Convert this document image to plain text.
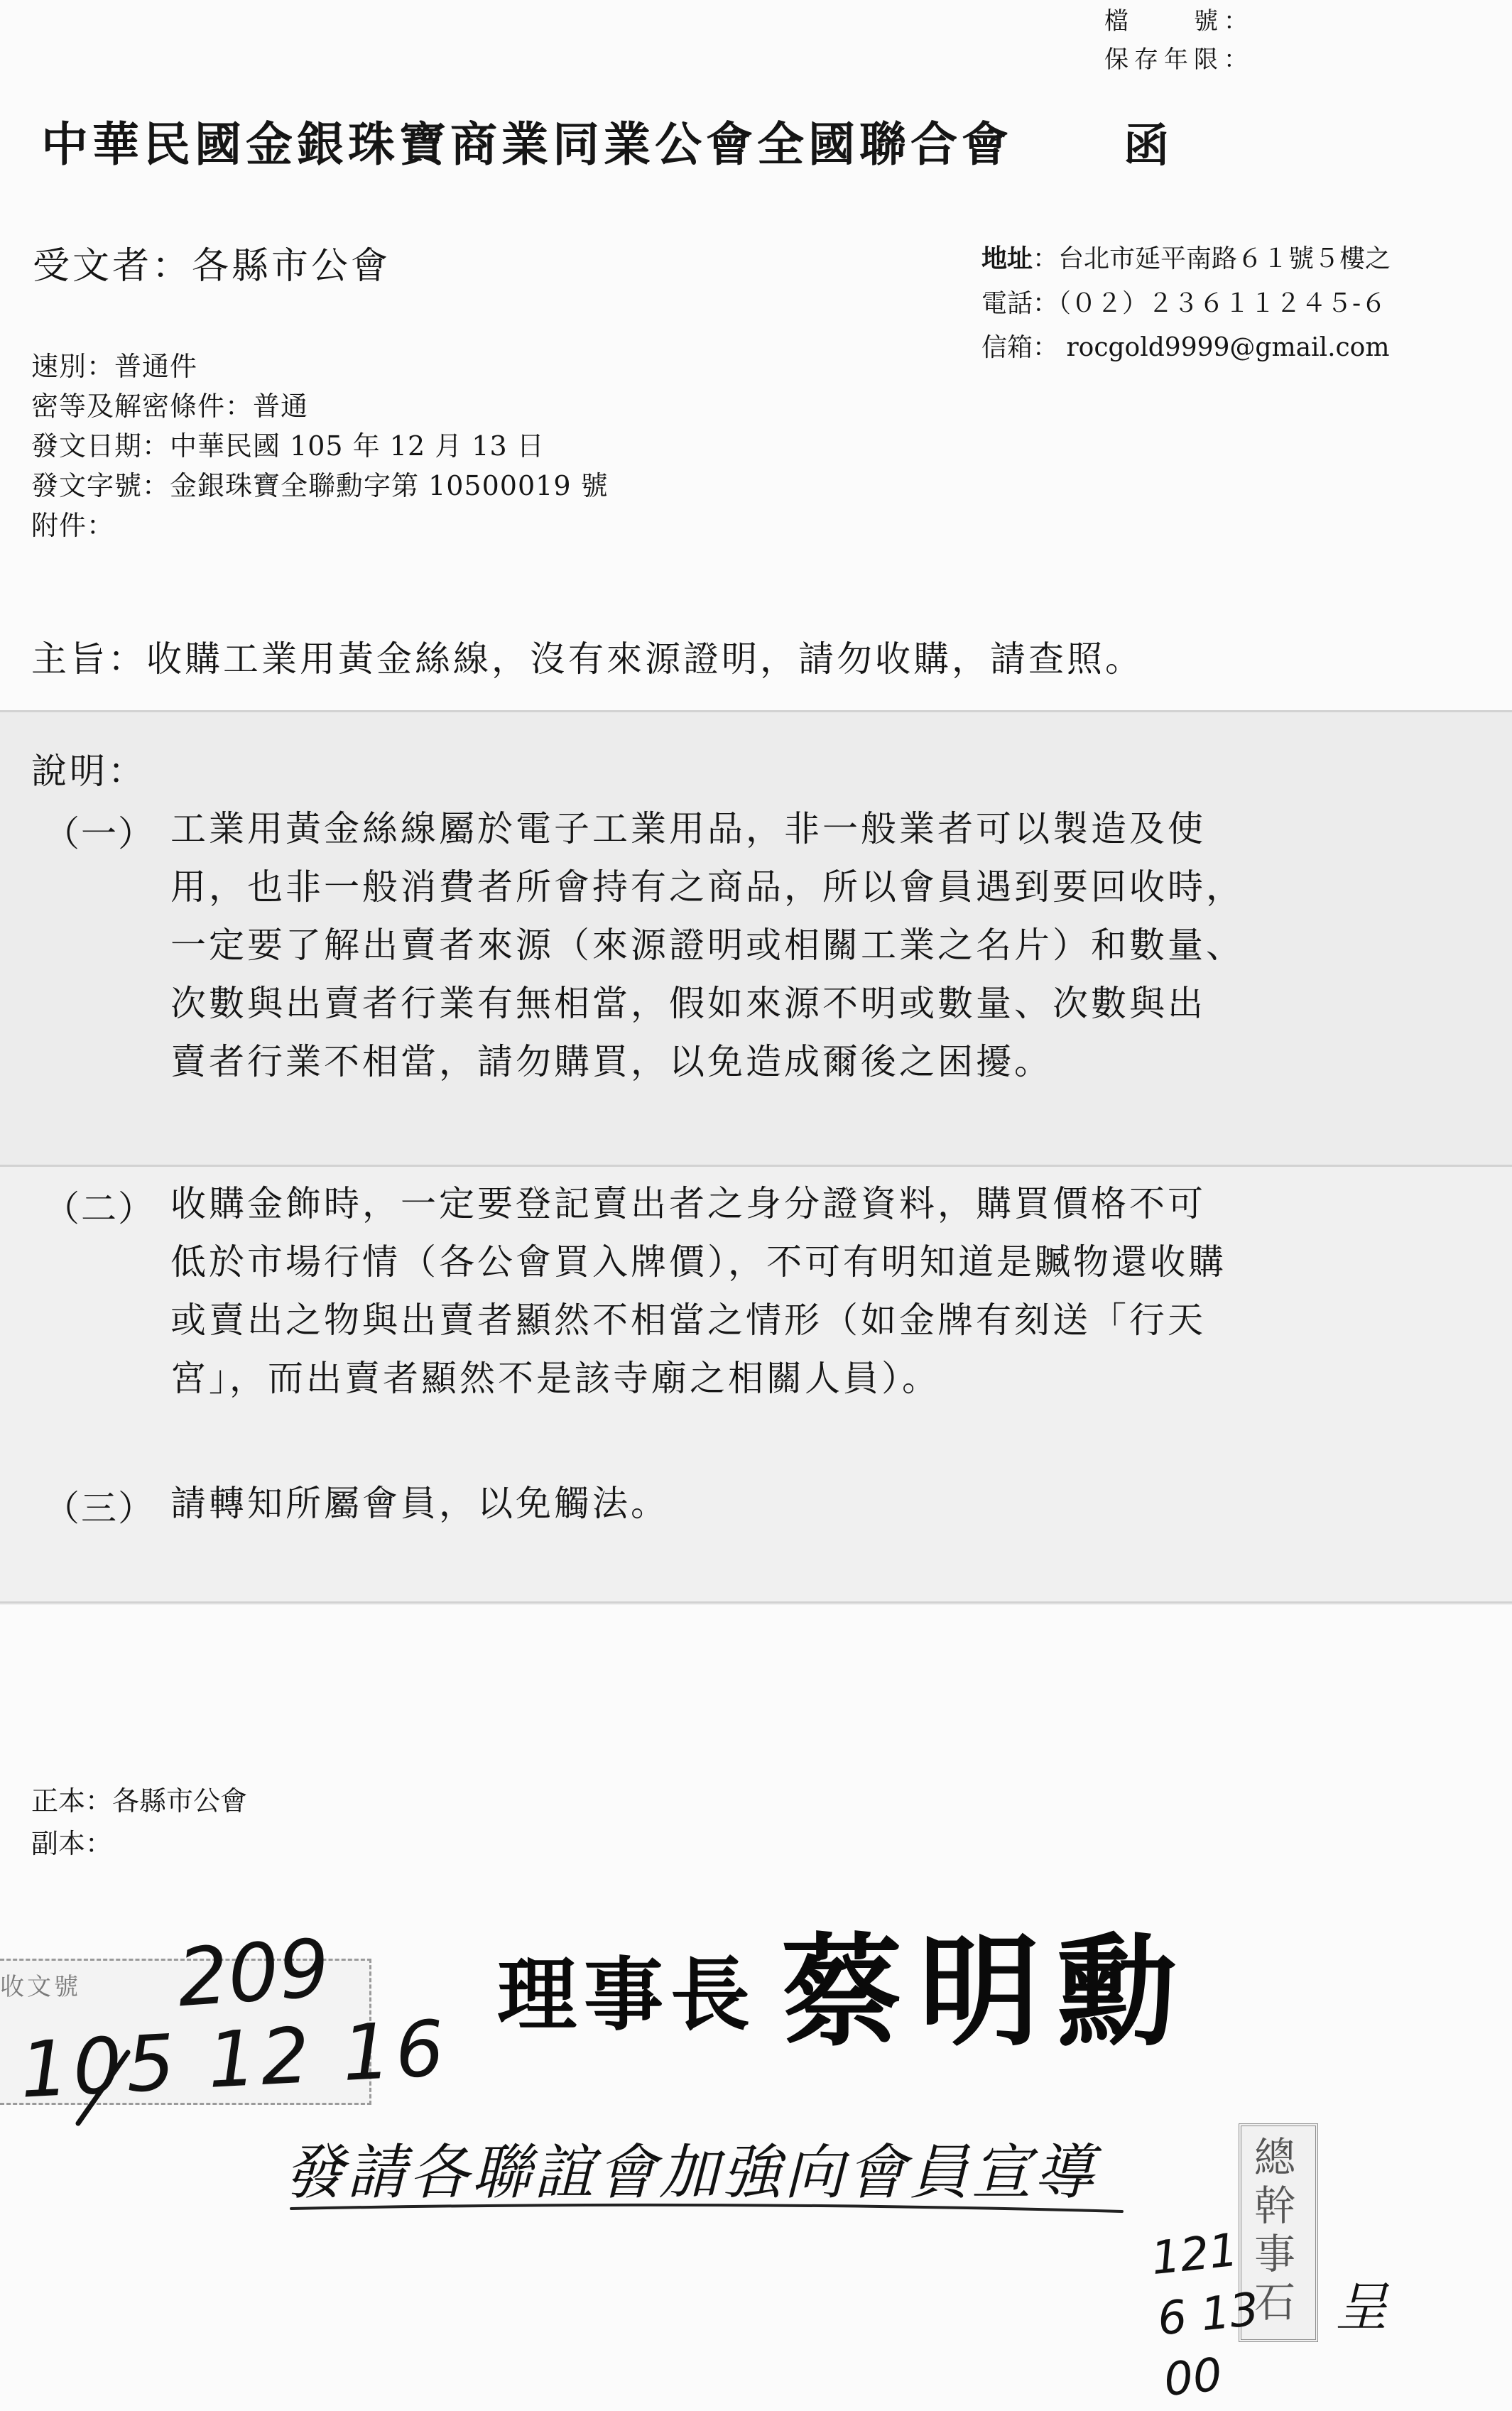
檔　　號：
保存年限：
中華民國金銀珠寶商業同業公會全國聯合會 函
受文者：各縣市公會	地址：台北市延平南路６１號５樓之
電話：（０２）２３６１１２４５-６
信箱： rocgold9999@gmail.com
速別：普通件
密等及解密條件：普通
發文日期：中華民國 105 年 12 月 13 日
發文字號：金銀珠寶全聯勳字第 10500019 號
附件：
主旨：收購工業用黃金絲線，沒有來源證明，請勿收購，請查照。
說明：
（一） 工業用黃金絲線屬於電子工業用品，非一般業者可以製造及使
用，也非一般消費者所會持有之商品，所以會員遇到要回收時，
一定要了解出賣者來源（來源證明或相關工業之名片）和數量、
次數與出賣者行業有無相當，假如來源不明或數量、次數與出
賣者行業不相當，請勿購買，以免造成爾後之困擾。
（二） 收購金飾時，一定要登記賣出者之身分證資料，購買價格不可
低於市場行情（各公會買入牌價），不可有明知道是贓物還收購
或賣出之物與出賣者顯然不相當之情形（如金牌有刻送「行天
宮」，而出賣者顯然不是該寺廟之相關人員）。
（三） 請轉知所屬會員，以免觸法。
正本：各縣市公會
副本：
理事長 蔡明勳
收文號 209
105 12 16
發請各聯誼會加強向會員宣導	總幹事石
1216 1300
呈
